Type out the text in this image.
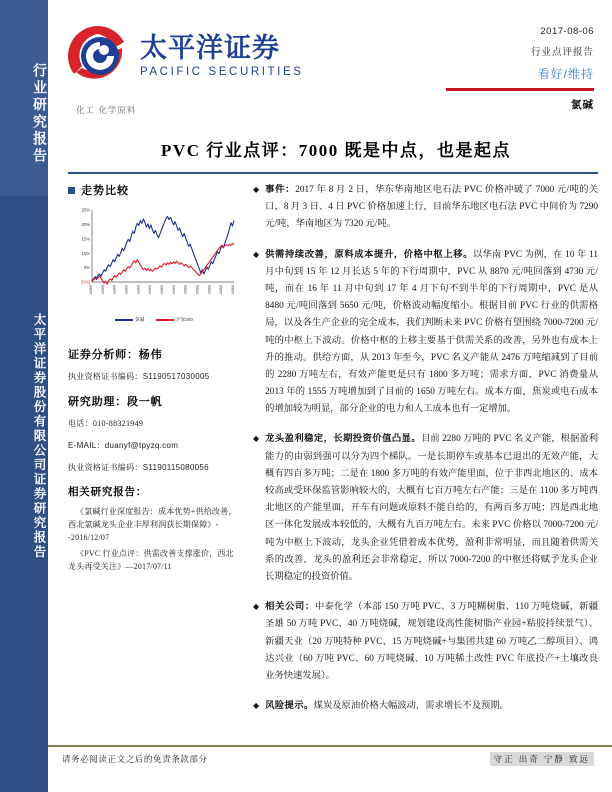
行业研究报告
太平洋证券股份有限公司证券研究报告
太平洋证券
PACIFIC SECURITIES
2017-08-06
行业点评报告
看好/维持
氯碱
化工 化学原料
PVC 行业点评：7000 既是中点，也是起点
走势比较
(0%)
5%
10%
15%
20%
25%
16/8/8 16/8/8 16/8/8 16/8/8 16/8/8 16/8/8 16/8/8 16/8/8 16/8/8 16/8/8 16/8/8 16/8/8 16/8/8
氯碱	沪深300
证券分析师：杨伟
执业资格证书编码：S1190517030005
研究助理：段一帆
电话：010-88321949
E-MAIL：duanyf@tpyzq.com
执业资格证书编码：S1190115080056
相关研究报告：
《氯碱行业深度报告：成本优势+供给改善，西北氯碱龙头企业丰厚利润获长期保障》--2016/12/07
《PVC 行业点评：供需改善支撑涨价，西北龙头再受关注》—2017/07/11
◆ 事件：2017 年 8 月 2 日，华东华南地区电石法 PVC 价格冲破了 7000 元/吨的关口，8 月 3 日、4 日 PVC 价格加速上行，目前华东地区电石法 PVC 中间价为 7290 元/吨，华南地区为 7320 元/吨。
◆ 供需持续改善，原料成本提升，价格中枢上移。以华南 PVC 为例，在 10 年 11 月中旬到 15 年 12 月长达 5 年的下行周期中，PVC 从 8870 元/吨回落到 4730 元/吨，而在 16 年 11 月中旬到 17 年 4 月下旬不到半年的下行周期中，PVC 是从 8480 元/吨回落到 5650 元/吨，价格波动幅度缩小。根据目前 PVC 行业的供需格局，以及各生产企业的完全成本，我们判断未来 PVC 价格有望围绕 7000-7200 元/吨的中枢上下波动。价格中枢的上移主要基于供需关系的改善，另外也有成本上升的推动。供给方面，从 2013 年至今，PVC 名义产能从 2476 万吨缩减到了目前的 2280 万吨左右，有效产能更是只有 1800 多万吨；需求方面，PVC 消费量从 2013 年的 1555 万吨增加到了目前的 1650 万吨左右。成本方面，焦炭或电石成本的增加较为明显，部分企业的电力和人工成本也有一定增加。
◆ 龙头盈利稳定，长期投资价值凸显。目前 2280 万吨的 PVC 名义产能，根据盈利能力的由弱到强可以分为四个梯队。一是长期停车或基本已退出的无效产能，大概有四百多万吨；二是在 1800 多万吨的有效产能里面，位于非西北地区的、成本较高或受环保监管影响较大的，大概有七百万吨左右产能；三是在 1100 多万吨西北地区的产能里面，开车有问题或原料不能自给的，有两百多万吨；四是西北地区一体化发展成本较低的，大概有九百万吨左右。未来 PVC 价格以 7000-7200 元/吨为中枢上下波动，龙头企业凭借着成本优势，盈利非常明显，而且随着供需关系的改善，龙头的盈利还会非常稳定，所以 7000-7200 的中枢还将赋予龙头企业长期稳定的投资价值。
◆ 相关公司：中泰化学（本部 150 万吨 PVC、3 万吨糊树脂、110 万吨烧碱，新疆圣雄 50 万吨 PVC、40 万吨烧碱，规划建设高性能树脂产业园+粘胶持续景气）、新疆天业（20 万吨特种 PVC、15 万吨烧碱+与集团共建 60 万吨乙二醇项目）、鸿达兴业（60 万吨 PVC、60 万吨烧碱、10 万吨稀土改性 PVC 年底投产+土壤改良业务快速发展）。
◆ 风险提示。煤炭及原油价格大幅波动，需求增长不及预期。
请务必阅读正文之后的免责条款部分	守正 出奇 宁静 致远
